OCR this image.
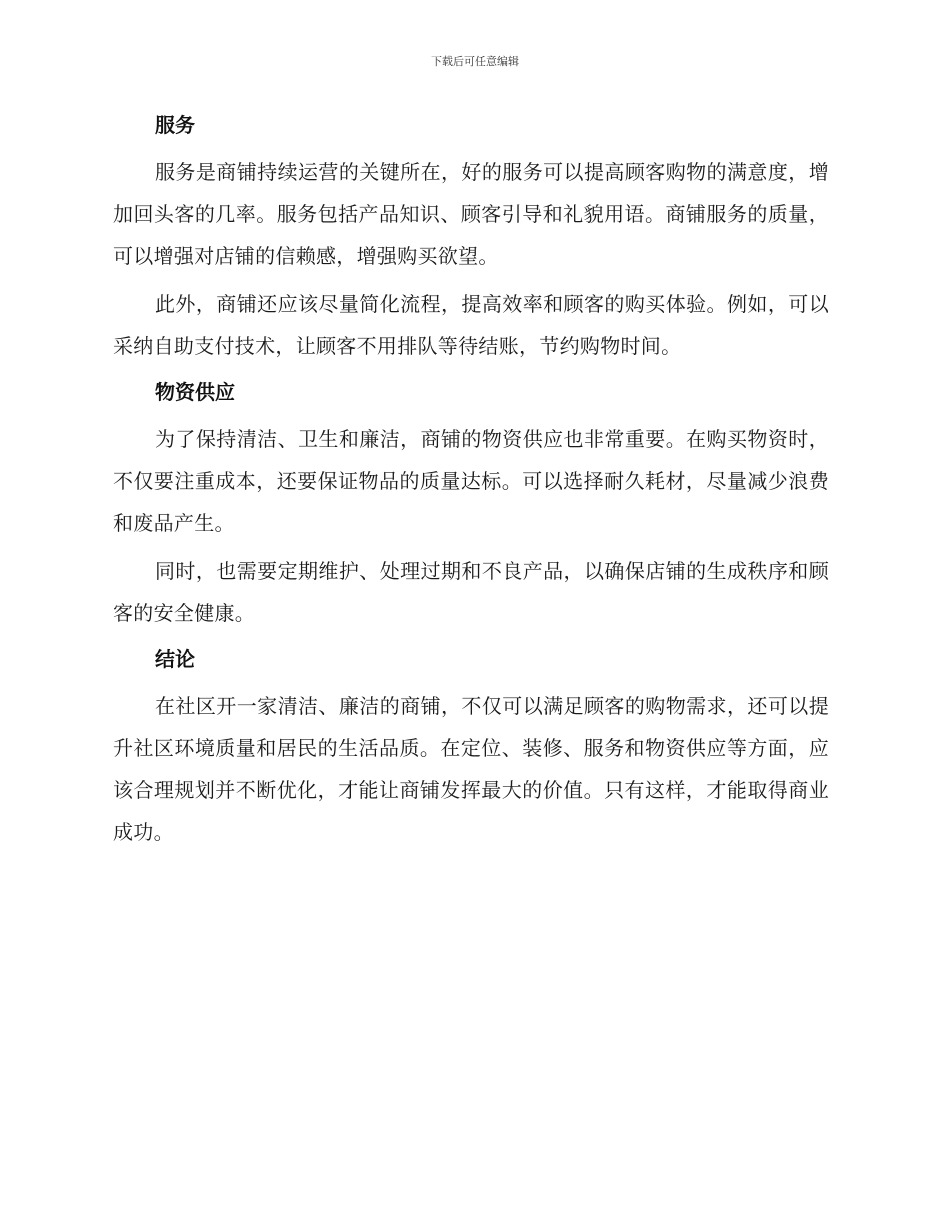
下载后可任意编辑
服务

服务是商铺持续运营的关键所在，好的服务可以提高顾客购物的满意度，增加回头客的几率。服务包括产品知识、顾客引导和礼貌用语。商铺服务的质量，可以增强对店铺的信赖感，增强购买欲望。

此外，商铺还应该尽量简化流程，提高效率和顾客的购买体验。例如，可以采纳自助支付技术，让顾客不用排队等待结账，节约购物时间。

物资供应

为了保持清洁、卫生和廉洁，商铺的物资供应也非常重要。在购买物资时，不仅要注重成本，还要保证物品的质量达标。可以选择耐久耗材，尽量减少浪费和废品产生。

同时，也需要定期维护、处理过期和不良产品，以确保店铺的生成秩序和顾客的安全健康。

结论

在社区开一家清洁、廉洁的商铺，不仅可以满足顾客的购物需求，还可以提升社区环境质量和居民的生活品质。在定位、装修、服务和物资供应等方面，应该合理规划并不断优化，才能让商铺发挥最大的价值。只有这样，才能取得商业成功。
